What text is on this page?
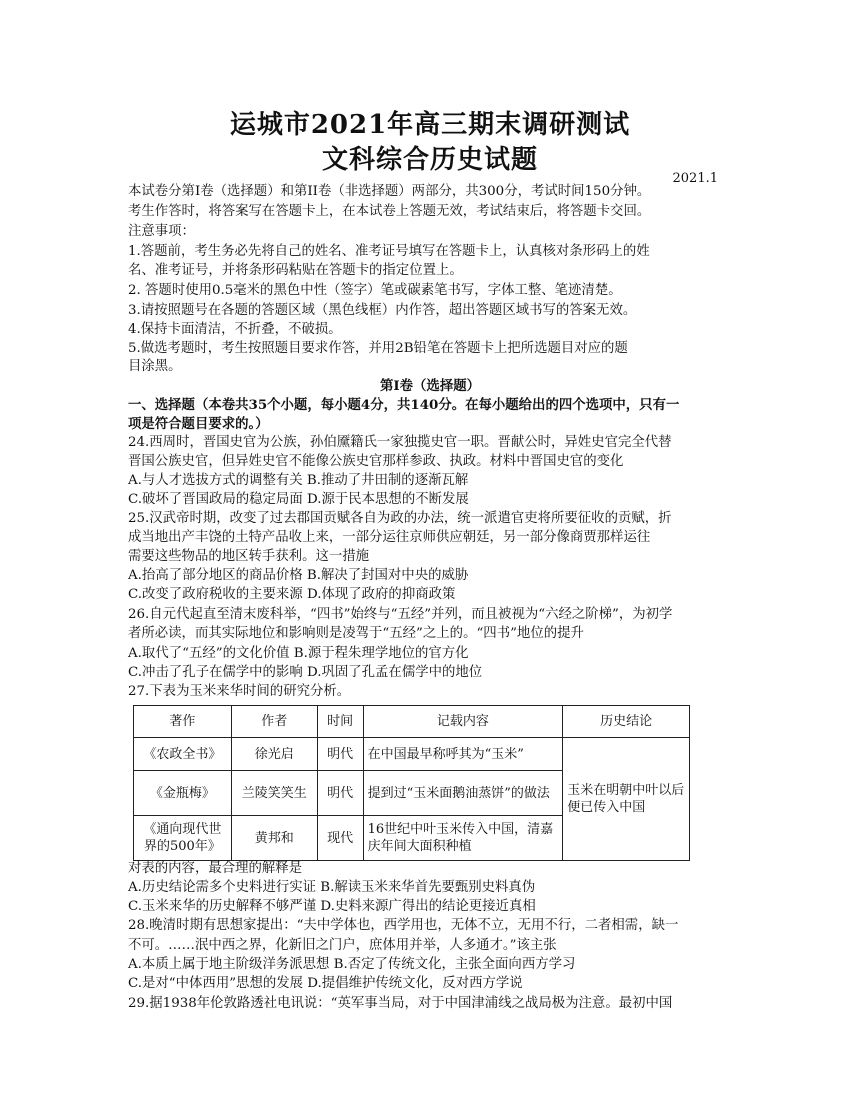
运城市2021年高三期末调研测试
文科综合历史试题
2021.1
本试卷分第I卷（选择题）和第II卷（非选择题）两部分，共300分，考试时间150分钟。
考生作答时，将答案写在答题卡上，在本试卷上答题无效，考试结束后，将答题卡交回。
注意事项：
1.答题前，考生务必先将自己的姓名、准考证号填写在答题卡上，认真核对条形码上的姓
名、准考证号，并将条形码粘贴在答题卡的指定位置上。
2. 答题时使用0.5毫米的黑色中性（签字）笔或碳素笔书写，字体工整、笔迹清楚。
3.请按照题号在各题的答题区域（黑色线框）内作答，超出答题区域书写的答案无效。
4.保持卡面清洁，不折叠，不破损。
5.做选考题时，考生按照题目要求作答，并用2B铅笔在答题卡上把所选题目对应的题
目涂黑。
第I卷（选择题）
一、选择题（本卷共35个小题，每小题4分，共140分。在每小题给出的四个选项中，只有一
项是符合题目要求的。）
24.西周时，晋国史官为公族，孙伯黡籍氏一家独揽史官一职。晋献公时，异姓史官完全代替
晋国公族史官，但异姓史官不能像公族史官那样参政、执政。材料中晋国史官的变化
A.与人才选拔方式的调整有关 B.推动了井田制的逐渐瓦解
C.破坏了晋国政局的稳定局面 D.源于民本思想的不断发展
25.汉武帝时期，改变了过去郡国贡赋各自为政的办法，统一派遣官吏将所要征收的贡赋，折
成当地出产丰饶的土特产品收上来，一部分运往京师供应朝廷，另一部分像商贾那样运往
需要这些物品的地区转手获利。这一措施
A.抬高了部分地区的商品价格 B.解决了封国对中央的威胁
C.改变了政府税收的主要来源 D.体现了政府的抑商政策
26.自元代起直至清末废科举，“四书”始终与“五经”并列，而且被视为“六经之阶梯”，为初学
者所必读，而其实际地位和影响则是凌驾于“五经”之上的。“四书”地位的提升
A.取代了“五经”的文化价值 B.源于程朱理学地位的官方化
C.冲击了孔子在儒学中的影响 D.巩固了孔孟在儒学中的地位
27.下表为玉米来华时间的研究分析。
著作	作者	时间	记载内容	历史结论
《农政全书》	徐光启	明代	在中国最早称呼其为“玉米”	玉米在明朝中叶以后便已传入中国
《金瓶梅》	兰陵笑笑生	明代	提到过“玉米面鹅油蒸饼”的做法	
《通向现代世界的500年》	黄邦和	现代	16世纪中叶玉米传入中国，清嘉庆年间大面积种植	
对表的内容，最合理的解释是
A.历史结论需多个史料进行实证 B.解读玉米来华首先要甄别史料真伪
C.玉米来华的历史解释不够严谨 D.史料来源广得出的结论更接近真相
28.晚清时期有思想家提出：“夫中学体也，西学用也，无体不立，无用不行，二者相需，缺一
不可。……泯中西之界，化新旧之门户，庶体用并举，人多通才。”该主张
A.本质上属于地主阶级洋务派思想 B.否定了传统文化，主张全面向西方学习
C.是对“中体西用”思想的发展 D.提倡维护传统文化，反对西方学说
29.据1938年伦敦路透社电讯说：“英军事当局，对于中国津浦线之战局极为注意。最初中国
